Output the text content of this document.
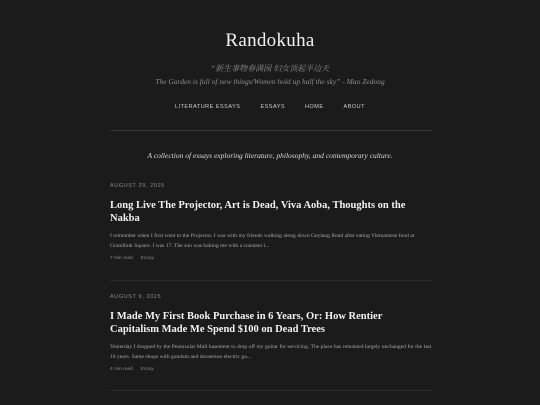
Randokuha
“新生事物春满园 妇女顶起半边天
The Garden is full of new things/Women hold up half the sky” - Mao Zedong
LITERATURE ESSAYS	ESSAYS	HOME	ABOUT
A collection of essays exploring literature, philosophy, and contemporary culture.
AUGUST 29, 2025
Long Live The Projector, Art is Dead, Viva Aoba, Thoughts on the Nakba
I remember when I first went to the Projector. I was with my friends walking along down Geylang Road after eating Vietnamese food at Grandlink Square. I was 17. The sun was baking me with a constant l...
7 min read Essay
AUGUST 9, 2025
I Made My First Book Purchase in 6 Years, Or: How Rentier Capitalism Made Me Spend $100 on Dead Trees
Yesterday I dropped by the Peninsular Mall basement to drop off my guitar for servicing. The place has remained largely unchanged for the last 10 years. Same shops with gundam and doraemon electric gu...
4 min read Essay
